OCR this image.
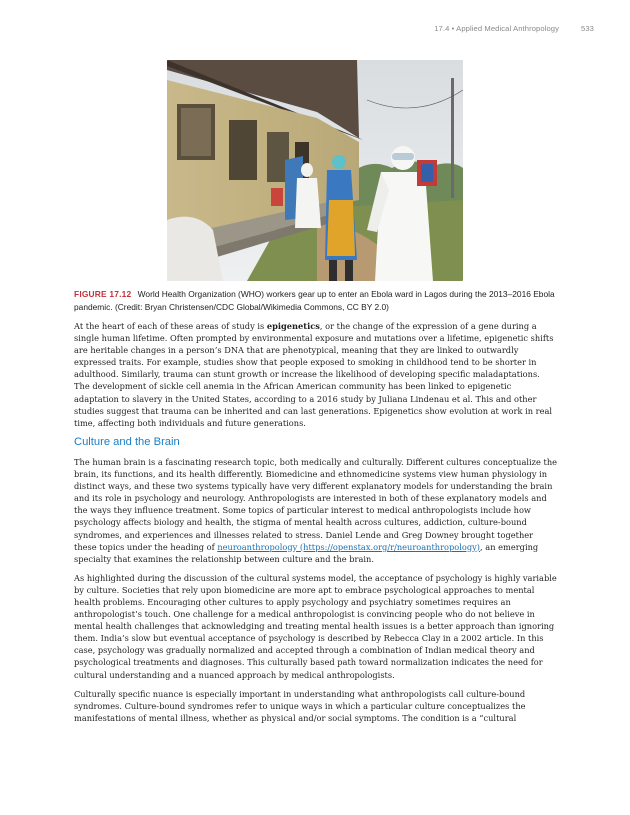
17.4 • Applied Medical Anthropology	533
FIGURE 17.12 World Health Organization (WHO) workers gear up to enter an Ebola ward in Lagos during the 2013–2016 Ebola pandemic. (Credit: Bryan Christensen/CDC Global/Wikimedia Commons, CC BY 2.0)

At the heart of each of these areas of study is epigenetics, or the change of the expression of a gene during a single human lifetime. Often prompted by environmental exposure and mutations over a lifetime, epigenetic shifts are heritable changes in a person’s DNA that are phenotypical, meaning that they are linked to outwardly expressed traits. For example, studies show that people exposed to smoking in childhood tend to be shorter in adulthood. Similarly, trauma can stunt growth or increase the likelihood of developing specific maladaptations. The development of sickle cell anemia in the African American community has been linked to epigenetic adaptation to slavery in the United States, according to a 2016 study by Juliana Lindenau et al. This and other studies suggest that trauma can be inherited and can last generations. Epigenetics show evolution at work in real time, affecting both individuals and future generations.

Culture and the Brain

The human brain is a fascinating research topic, both medically and culturally. Different cultures conceptualize the brain, its functions, and its health differently. Biomedicine and ethnomedicine systems view human physiology in distinct ways, and these two systems typically have very different explanatory models for understanding the brain and its role in psychology and neurology. Anthropologists are interested in both of these explanatory models and the ways they influence treatment. Some topics of particular interest to medical anthropologists include how psychology affects biology and health, the stigma of mental health across cultures, addiction, culture-bound syndromes, and experiences and illnesses related to stress. Daniel Lende and Greg Downey brought together these topics under the heading of neuroanthropology (https://openstax.org/r/neuroanthropology), an emerging specialty that examines the relationship between culture and the brain.

As highlighted during the discussion of the cultural systems model, the acceptance of psychology is highly variable by culture. Societies that rely upon biomedicine are more apt to embrace psychological approaches to mental health problems. Encouraging other cultures to apply psychology and psychiatry sometimes requires an anthropologist’s touch. One challenge for a medical anthropologist is convincing people who do not believe in mental health challenges that acknowledging and treating mental health issues is a better approach than ignoring them. India’s slow but eventual acceptance of psychology is described by Rebecca Clay in a 2002 article. In this case, psychology was gradually normalized and accepted through a combination of Indian medical theory and psychological treatments and diagnoses. This culturally based path toward normalization indicates the need for cultural understanding and a nuanced approach by medical anthropologists.

Culturally specific nuance is especially important in understanding what anthropologists call culture-bound syndromes. Culture-bound syndromes refer to unique ways in which a particular culture conceptualizes the manifestations of mental illness, whether as physical and/or social symptoms. The condition is a “cultural
